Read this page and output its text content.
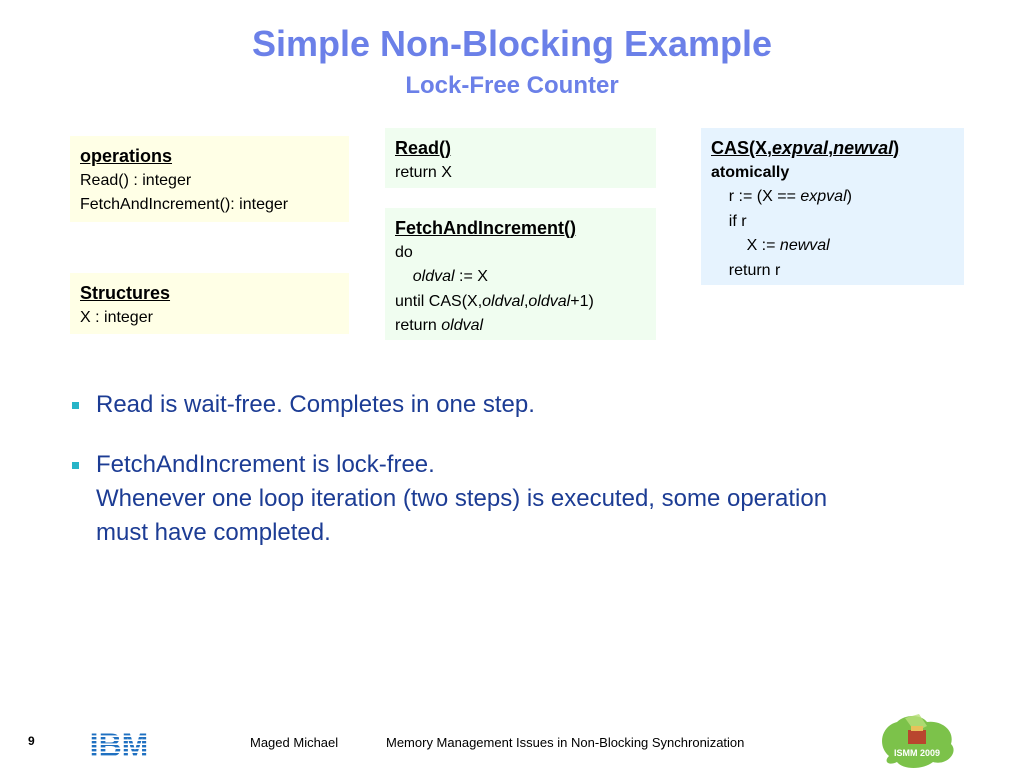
Simple Non-Blocking Example
Lock-Free Counter
operations
Read() : integer
FetchAndIncrement(): integer
Structures
X : integer
Read()
return X
FetchAndIncrement()
do
oldval := X
until CAS(X,oldval,oldval+1)
return oldval
CAS(X,expval,newval)
atomically
r := (X == expval)
if r
X := newval
return r
Read is wait-free. Completes in one step.
FetchAndIncrement is lock-free.
Whenever one loop iteration (two steps) is executed, some operation
must have completed.
9 IBM	Maged Michael	Memory Management Issues in Non-Blocking Synchronization
ISMM 2009
